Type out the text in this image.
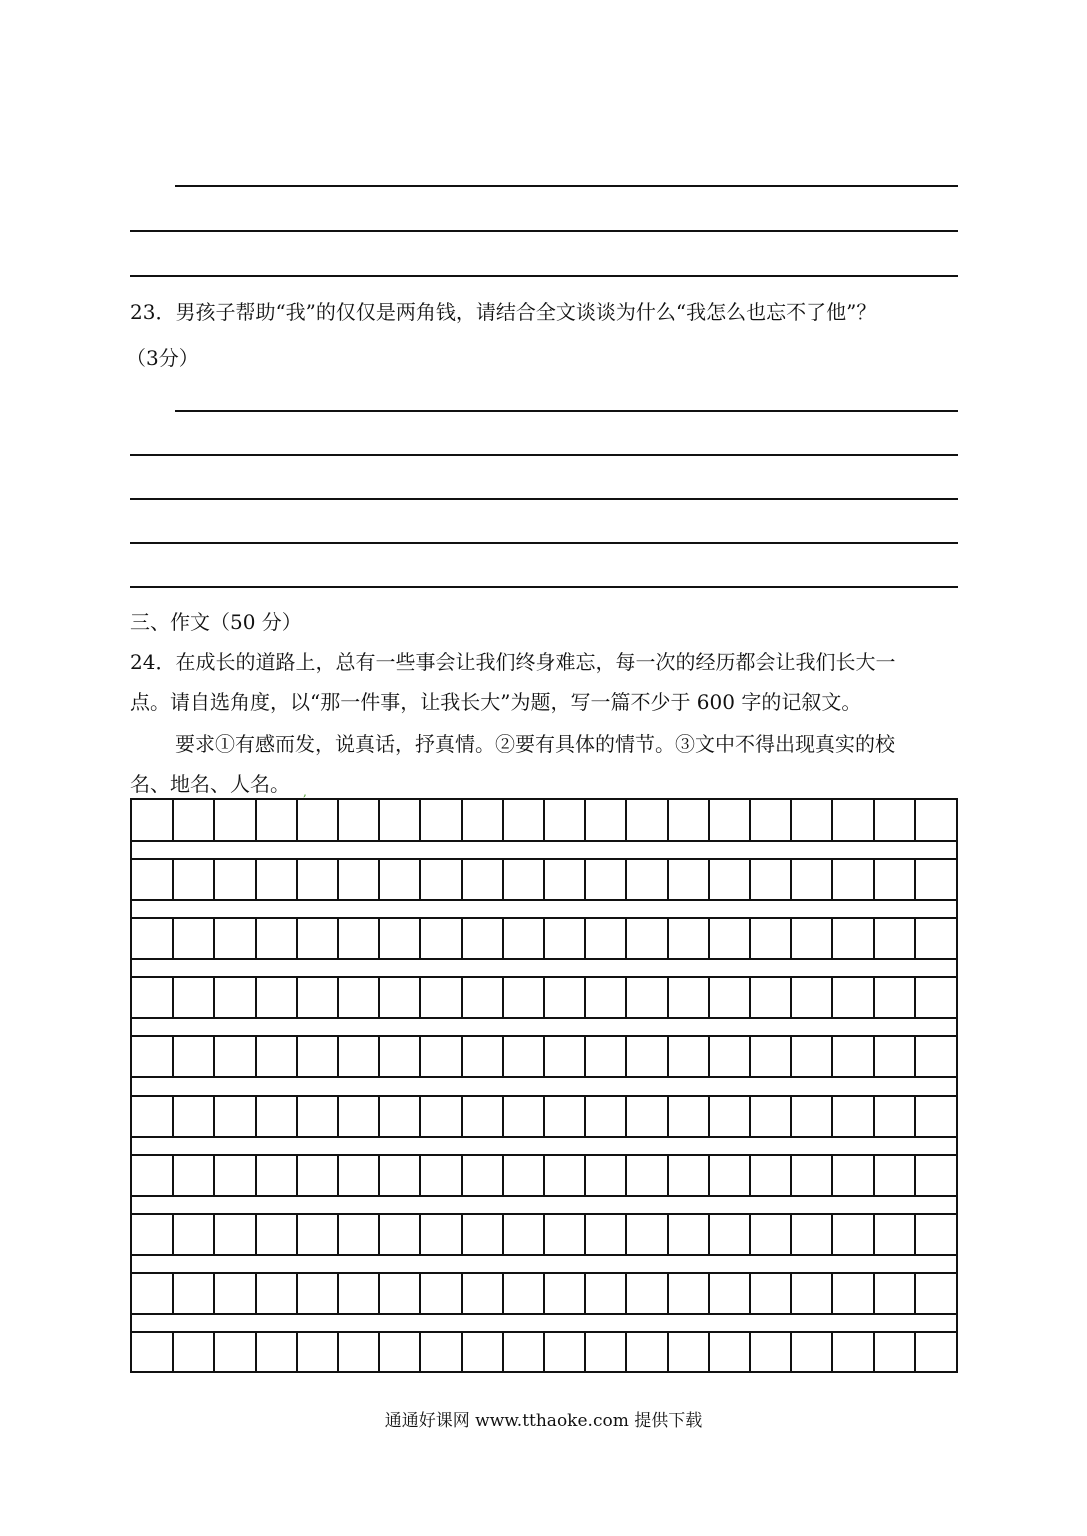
23．男孩子帮助“我”的仅仅是两角钱，请结合全文谈谈为什么“我怎么也忘不了他”？
（3分）
三、作文（50 分）
24．在成长的道路上，总有一些事会让我们终身难忘，每一次的经历都会让我们长大一
点。请自选角度，以“那一件事，让我长大”为题，写一篇不少于 600 字的记叙文。
要求①有感而发，说真话，抒真情。②要有具体的情节。③文中不得出现真实的校
名、地名、人名。 ,
通通好课网 www.tthaoke.com 提供下载
